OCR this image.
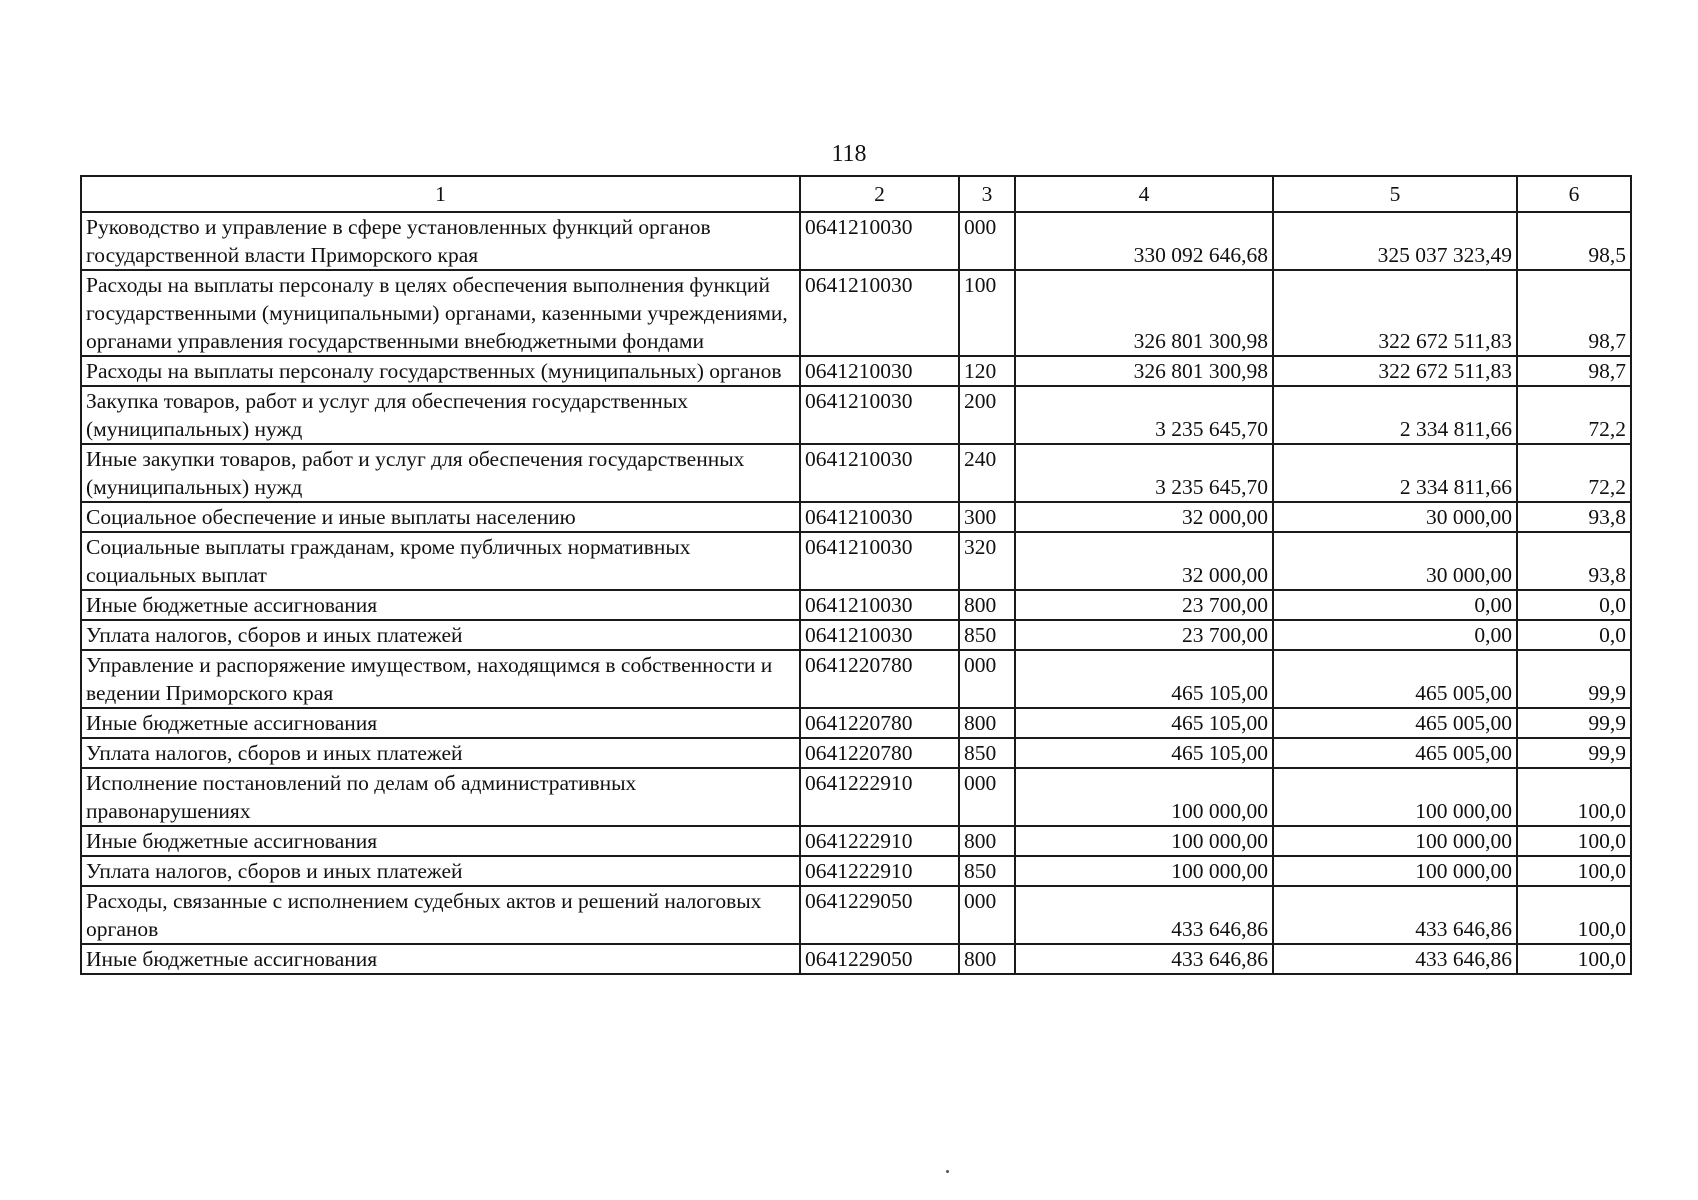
118
1	2	3	4	5	6
Руководство и управление в сфере установленных функций органов государственной власти Приморского края	0641210030	000	330 092 646,68	325 037 323,49	98,5
Расходы на выплаты персоналу в целях обеспечения выполнения функций государственными (муниципальными) органами, казенными учреждениями, органами управления государственными внебюджетными фондами	0641210030	100	326 801 300,98	322 672 511,83	98,7
Расходы на выплаты персоналу государственных (муниципальных) органов	0641210030	120	326 801 300,98	322 672 511,83	98,7
Закупка товаров, работ и услуг для обеспечения государственных (муниципальных) нужд	0641210030	200	3 235 645,70	2 334 811,66	72,2
Иные закупки товаров, работ и услуг для обеспечения государственных (муниципальных) нужд	0641210030	240	3 235 645,70	2 334 811,66	72,2
Социальное обеспечение и иные выплаты населению	0641210030	300	32 000,00	30 000,00	93,8
Социальные выплаты гражданам, кроме публичных нормативных социальных выплат	0641210030	320	32 000,00	30 000,00	93,8
Иные бюджетные ассигнования	0641210030	800	23 700,00	0,00	0,0
Уплата налогов, сборов и иных платежей	0641210030	850	23 700,00	0,00	0,0
Управление и распоряжение имуществом, находящимся в собственности и ведении Приморского края	0641220780	000	465 105,00	465 005,00	99,9
Иные бюджетные ассигнования	0641220780	800	465 105,00	465 005,00	99,9
Уплата налогов, сборов и иных платежей	0641220780	850	465 105,00	465 005,00	99,9
Исполнение постановлений по делам об административных правонарушениях	0641222910	000	100 000,00	100 000,00	100,0
Иные бюджетные ассигнования	0641222910	800	100 000,00	100 000,00	100,0
Уплата налогов, сборов и иных платежей	0641222910	850	100 000,00	100 000,00	100,0
Расходы, связанные с исполнением судебных актов и решений налоговых органов	0641229050	000	433 646,86	433 646,86	100,0
Иные бюджетные ассигнования	0641229050	800	433 646,86	433 646,86	100,0
